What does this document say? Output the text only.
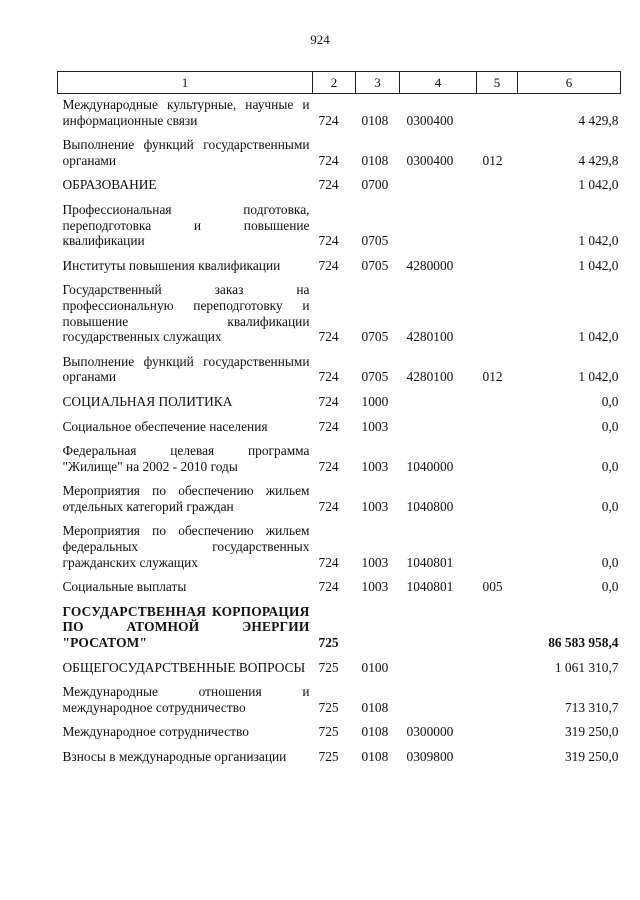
924
1	2	3	4	5	6
Международные культурные, научные и информационные связи	724	0108	0300400		4 429,8
Выполнение функций государственными органами	724	0108	0300400	012	4 429,8
ОБРАЗОВАНИЕ	724	0700			1 042,0
Профессиональная подготовка, переподготовка и повышение квалификации	724	0705			1 042,0
Институты повышения квалификации	724	0705	4280000		1 042,0
Государственный заказ на профессиональную переподготовку и повышение квалификации государственных служащих	724	0705	4280100		1 042,0
Выполнение функций государственными органами	724	0705	4280100	012	1 042,0
СОЦИАЛЬНАЯ ПОЛИТИКА	724	1000			0,0
Социальное обеспечение населения	724	1003			0,0
Федеральная целевая программа "Жилище" на 2002 - 2010 годы	724	1003	1040000		0,0
Мероприятия по обеспечению жильем отдельных категорий граждан	724	1003	1040800		0,0
Мероприятия по обеспечению жильем федеральных государственных гражданских служащих	724	1003	1040801		0,0
Социальные выплаты	724	1003	1040801	005	0,0
ГОСУДАРСТВЕННАЯ КОРПОРАЦИЯ ПО АТОМНОЙ ЭНЕРГИИ "РОСАТОМ"	725				86 583 958,4
ОБЩЕГОСУДАРСТВЕННЫЕ ВОПРОСЫ	725	0100			1 061 310,7
Международные отношения и международное сотрудничество	725	0108			713 310,7
Международное сотрудничество	725	0108	0300000		319 250,0
Взносы в международные организации	725	0108	0309800		319 250,0
